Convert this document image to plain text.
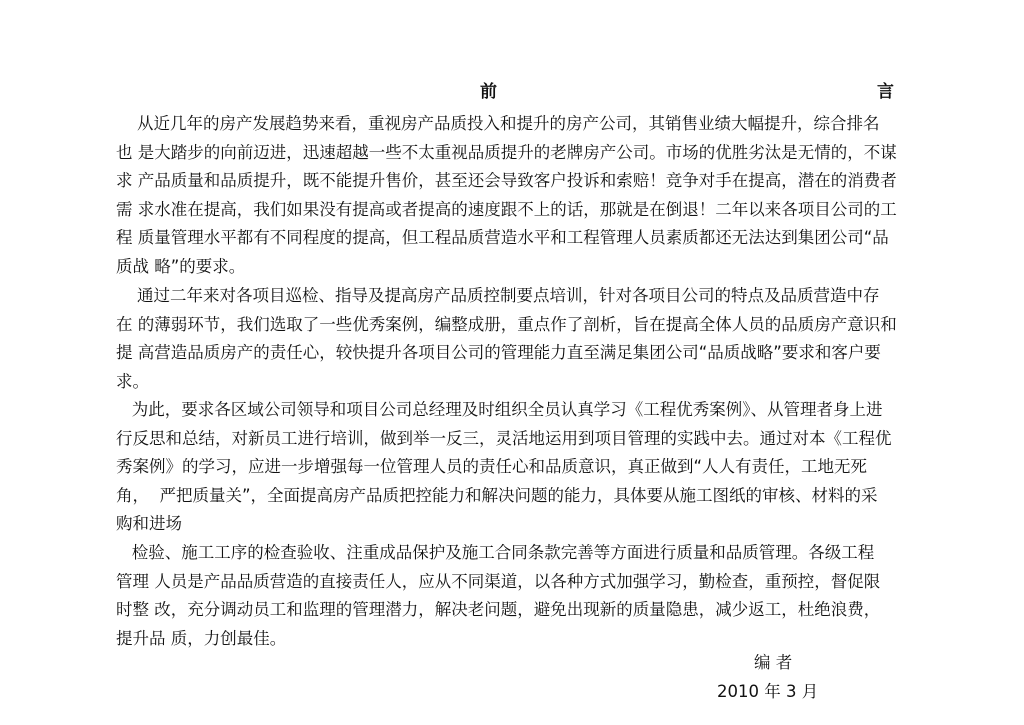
前	言
从近几年的房产发展趋势来看，重视房产品质投入和提升的房产公司，其销售业绩大幅提升，综合排名
也 是大踏步的向前迈进，迅速超越一些不太重视品质提升的老牌房产公司。市场的优胜劣汰是无情的，不谋
求 产品质量和品质提升，既不能提升售价，甚至还会导致客户投诉和索赔！竞争对手在提高，潜在的消费者
需 求水准在提高，我们如果没有提高或者提高的速度跟不上的话，那就是在倒退！二年以来各项目公司的工
程 质量管理水平都有不同程度的提高，但工程品质营造水平和工程管理人员素质都还无法达到集团公司“品
质战 略”的要求。
通过二年来对各项目巡检、指导及提高房产品质控制要点培训，针对各项目公司的特点及品质营造中存
在 的薄弱环节，我们选取了一些优秀案例，编整成册，重点作了剖析，旨在提高全体人员的品质房产意识和
提 高营造品质房产的责任心，较快提升各项目公司的管理能力直至满足集团公司“品质战略”要求和客户要
求。
为此，要求各区域公司领导和项目公司总经理及时组织全员认真学习《工程优秀案例》、从管理者身上进
行反思和总结，对新员工进行培训，做到举一反三，灵活地运用到项目管理的实践中去。通过对本《工程优
秀案例》的学习，应进一步增强每一位管理人员的责任心和品质意识，真正做到“人人有责任，工地无死
角，  严把质量关”，全面提高房产品质把控能力和解决问题的能力，具体要从施工图纸的审核、材料的采
购和进场
检验、施工工序的检查验收、注重成品保护及施工合同条款完善等方面进行质量和品质管理。各级工程
管理 人员是产品品质营造的直接责任人，应从不同渠道，以各种方式加强学习，勤检查，重预控，督促限
时整 改，充分调动员工和监理的管理潜力，解决老问题，避免出现新的质量隐患，减少返工，杜绝浪费，
提升品 质，力创最佳。
编 者
2010 年 3 月
